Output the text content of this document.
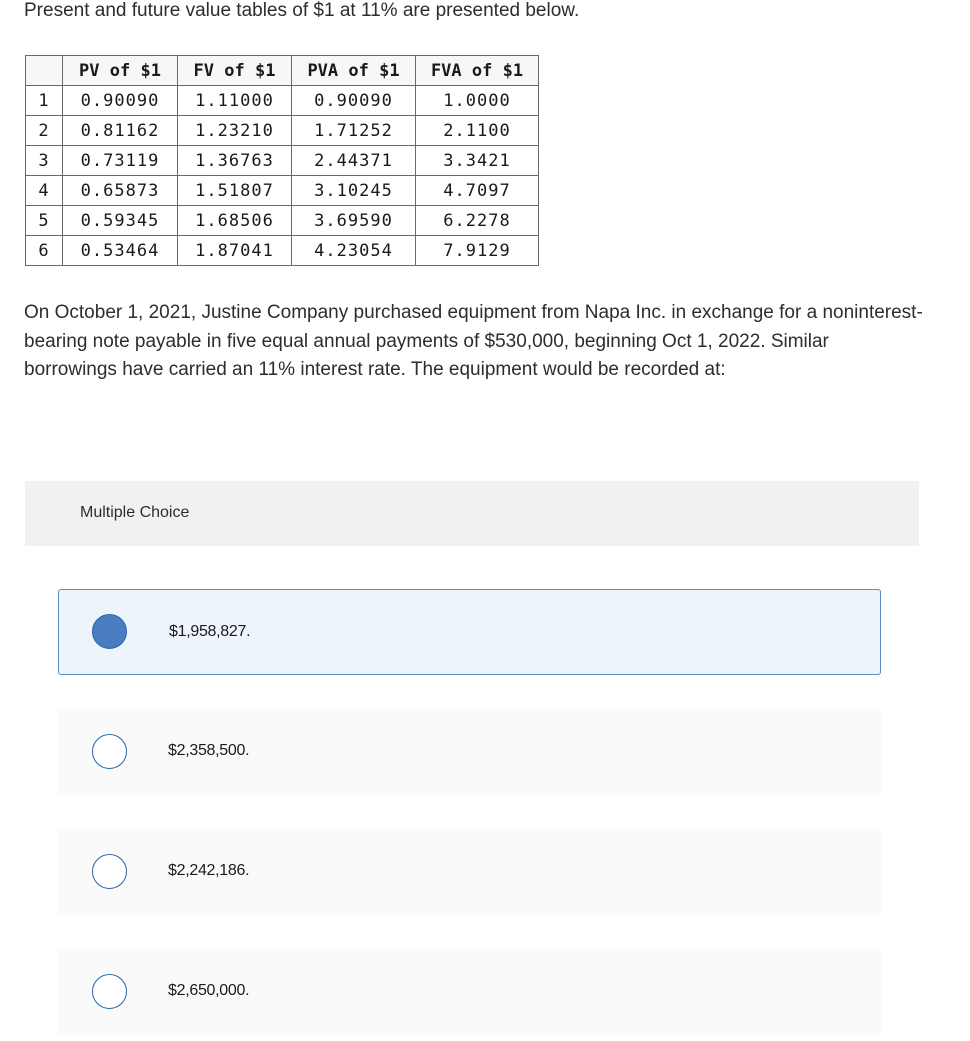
Present and future value tables of $1 at 11% are presented below.

	PV of $1	FV of $1	PVA of $1	FVA of $1
1	0.90090	1.11000	0.90090	1.0000
2	0.81162	1.23210	1.71252	2.1100
3	0.73119	1.36763	2.44371	3.3421
4	0.65873	1.51807	3.10245	4.7097
5	0.59345	1.68506	3.69590	6.2278
6	0.53464	1.87041	4.23054	7.9129

On October 1, 2021, Justine Company purchased equipment from Napa Inc. in exchange for a noninterest-bearing note payable in five equal annual payments of $530,000, beginning Oct 1, 2022. Similar borrowings have carried an 11% interest rate. The equipment would be recorded at:

Multiple Choice
$1,958,827.
$2,358,500.
$2,242,186.
$2,650,000.
